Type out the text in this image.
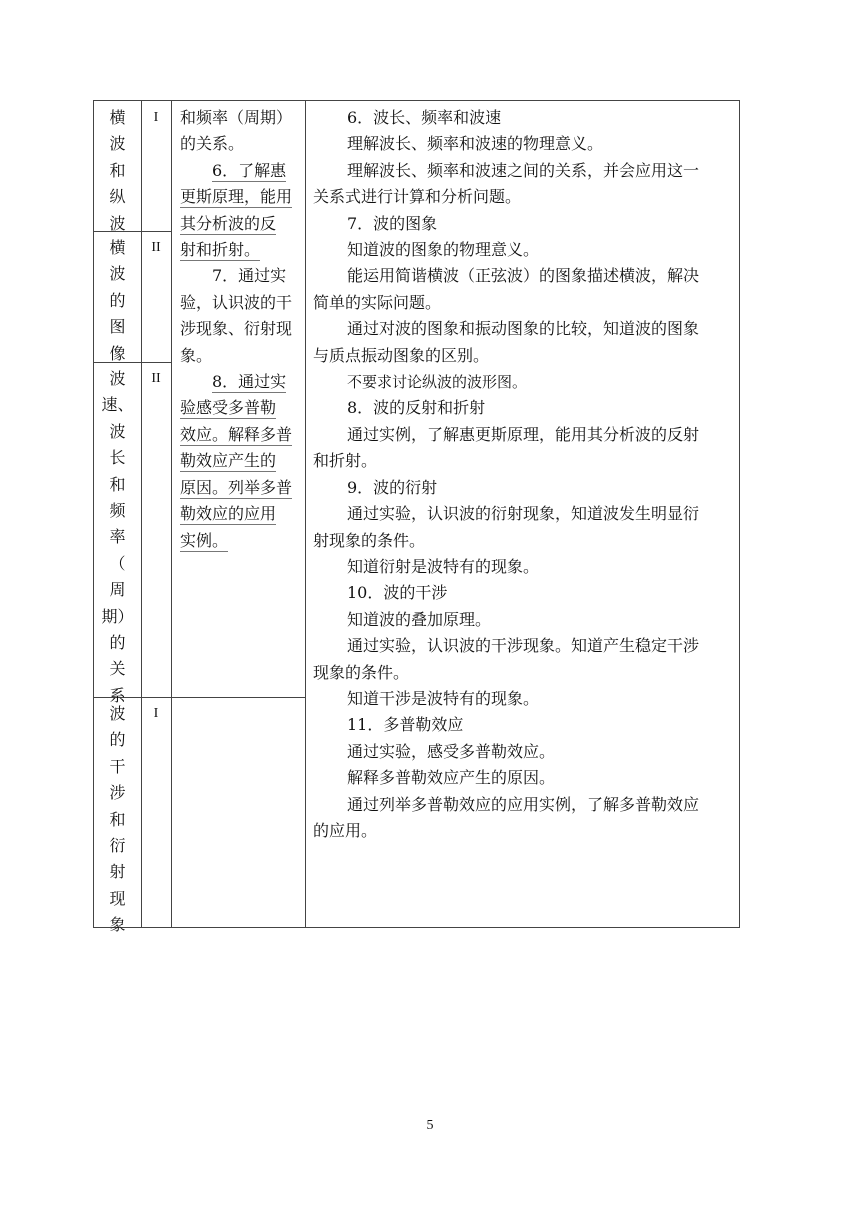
横
波
和
纵
波
横
波
的
图
像
波
速、
波
长
和
频
率
（
周
期）
的
关
系
波
的
干
涉
和
衍
射
现
象
I
II
II
I
和频率（周期）
的关系。
6．了解惠
更斯原理，能用
其分析波的反
射和折射。
7．通过实
验，认识波的干
涉现象、衍射现
象。
8．通过实
验感受多普勒
效应。解释多普
勒效应产生的
原因。列举多普
勒效应的应用
实例。
6．波长、频率和波速
理解波长、频率和波速的物理意义。
理解波长、频率和波速之间的关系，并会应用这一
关系式进行计算和分析问题。
7．波的图象
知道波的图象的物理意义。
能运用简谐横波（正弦波）的图象描述横波，解决
简单的实际问题。
通过对波的图象和振动图象的比较，知道波的图象
与质点振动图象的区别。
不要求讨论纵波的波形图。
8．波的反射和折射
通过实例，了解惠更斯原理，能用其分析波的反射
和折射。
9．波的衍射
通过实验，认识波的衍射现象，知道波发生明显衍
射现象的条件。
知道衍射是波特有的现象。
10．波的干涉
知道波的叠加原理。
通过实验，认识波的干涉现象。知道产生稳定干涉
现象的条件。
知道干涉是波特有的现象。
11．多普勒效应
通过实验，感受多普勒效应。
解释多普勒效应产生的原因。
通过列举多普勒效应的应用实例，了解多普勒效应
的应用。
5
